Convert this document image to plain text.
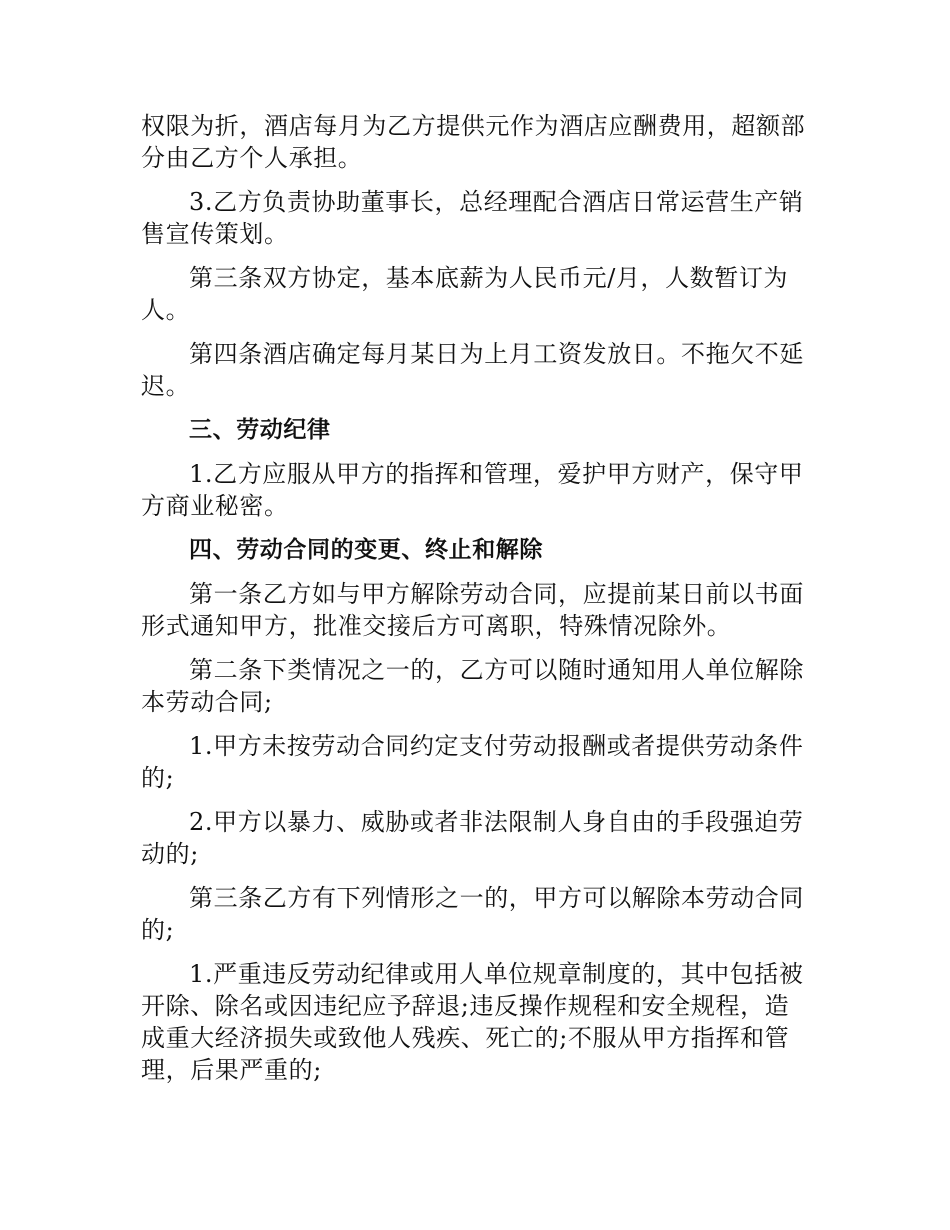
权限为折，酒店每月为乙方提供元作为酒店应酬费用，超额部分由乙方个人承担。

3.乙方负责协助董事长，总经理配合酒店日常运营生产销售宣传策划。

第三条双方协定，基本底薪为人民币元/月，人数暂订为人。

第四条酒店确定每月某日为上月工资发放日。不拖欠不延迟。

三、劳动纪律

1.乙方应服从甲方的指挥和管理，爱护甲方财产，保守甲方商业秘密。

四、劳动合同的变更、终止和解除

第一条乙方如与甲方解除劳动合同，应提前某日前以书面形式通知甲方，批准交接后方可离职，特殊情况除外。

第二条下类情况之一的，乙方可以随时通知用人单位解除本劳动合同;

1.甲方未按劳动合同约定支付劳动报酬或者提供劳动条件的;

2.甲方以暴力、威胁或者非法限制人身自由的手段强迫劳动的;

第三条乙方有下列情形之一的，甲方可以解除本劳动合同的;

1.严重违反劳动纪律或用人单位规章制度的，其中包括被开除、除名或因违纪应予辞退;违反操作规程和安全规程，造成重大经济损失或致他人残疾、死亡的;不服从甲方指挥和管理，后果严重的;
